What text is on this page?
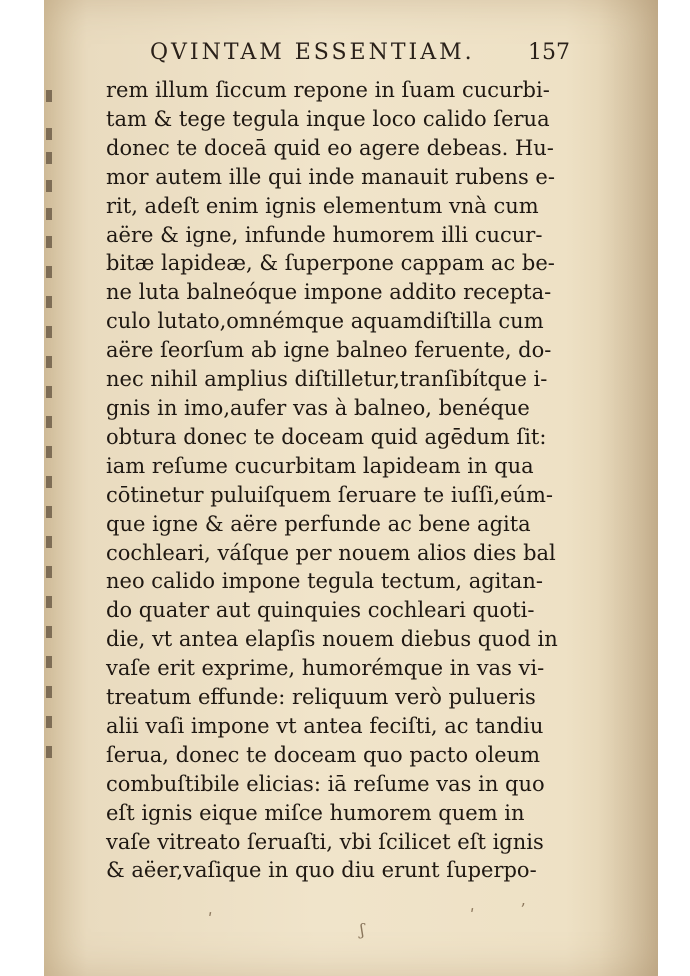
QVINTAM ESSENTIAM. 157
rem illum ſiccum repone in ſuam cucurbi-
tam & tege tegula inque loco calido ſerua
donec te doceā quid eo agere debeas. Hu-
mor autem ille qui inde manauit rubens e-
rit, adeſt enim ignis elementum vnà cum
aëre & igne, infunde humorem illi cucur-
bitæ lapideæ, & ſuperpone cappam ac be-
ne luta balneóque impone addito recepta-
culo lutato,omnémque aquamdiſtilla cum
aëre ſeorſum ab igne balneo feruente, do-
nec nihil amplius diſtilletur,tranſibítque i-
gnis in imo,aufer vas à balneo, benéque
obtura donec te doceam quid agēdum ſit:
iam reſume cucurbitam lapideam in qua
cōtinetur puluiſquem ſeruare te iuſſi,eúm-
que igne & aëre perfunde ac bene agita
cochleari, váſque per nouem alios dies bal
neo calido impone tegula tectum, agitan-
do quater aut quinquies cochleari quoti-
die, vt antea elapſis nouem diebus quod in
vaſe erit exprime, humorémque in vas vi-
treatum effunde: reliquum verò pulueris
alii vaſi impone vt antea feciſti, ac tandiu
ſerua, donec te doceam quo pacto oleum
combuſtibile elicias: iā reſume vas in quo
eſt ignis eique miſce humorem quem in
vaſe vitreato ſeruaſti, vbi ſcilicet eſt ignis
& aëer,vaſique in quo diu erunt ſuperpo-
ʹ
ʃ
ʹ	ʼ
